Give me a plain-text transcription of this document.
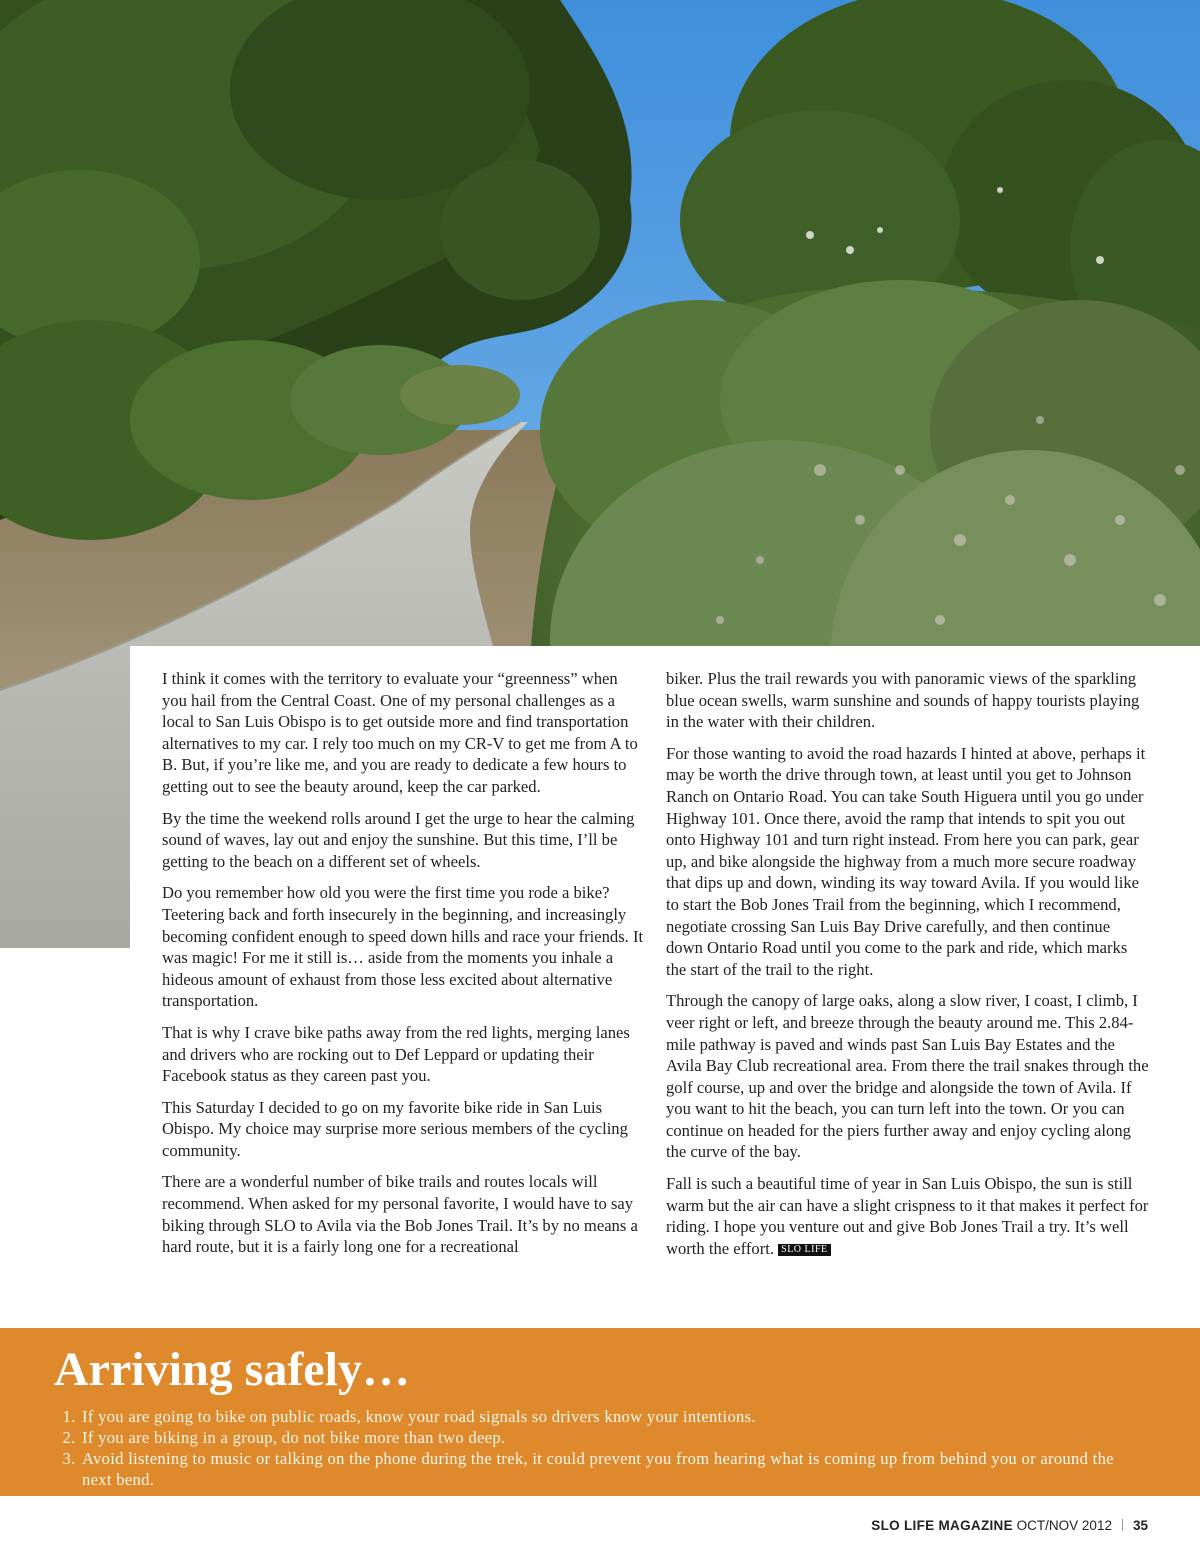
I think it comes with the territory to evaluate your “greenness” when you hail from the Central Coast. One of my personal challenges as a local to San Luis Obispo is to get outside more and find transportation alternatives to my car. I rely too much on my CR-V to get me from A to B. But, if you’re like me, and you are ready to dedicate a few hours to getting out to see the beauty around, keep the car parked.

By the time the weekend rolls around I get the urge to hear the calming sound of waves, lay out and enjoy the sunshine. But this time, I’ll be getting to the beach on a different set of wheels.

Do you remember how old you were the first time you rode a bike? Teetering back and forth insecurely in the beginning, and increasingly becoming confident enough to speed down hills and race your friends. It was magic! For me it still is… aside from the moments you inhale a hideous amount of exhaust from those less excited about alternative transportation.

That is why I crave bike paths away from the red lights, merging lanes and drivers who are rocking out to Def Leppard or updating their Facebook status as they careen past you.

This Saturday I decided to go on my favorite bike ride in San Luis Obispo. My choice may surprise more serious members of the cycling community.

There are a wonderful number of bike trails and routes locals will recommend. When asked for my personal favorite, I would have to say biking through SLO to Avila via the Bob Jones Trail. It’s by no means a hard route, but it is a fairly long one for a recreational

biker. Plus the trail rewards you with panoramic views of the sparkling blue ocean swells, warm sunshine and sounds of happy tourists playing in the water with their children.

For those wanting to avoid the road hazards I hinted at above, perhaps it may be worth the drive through town, at least until you get to Johnson Ranch on Ontario Road. You can take South Higuera until you go under Highway 101. Once there, avoid the ramp that intends to spit you out onto Highway 101 and turn right instead. From here you can park, gear up, and bike alongside the highway from a much more secure roadway that dips up and down, winding its way toward Avila. If you would like to start the Bob Jones Trail from the beginning, which I recommend, negotiate crossing San Luis Bay Drive carefully, and then continue down Ontario Road until you come to the park and ride, which marks the start of the trail to the right.

Through the canopy of large oaks, along a slow river, I coast, I climb, I veer right or left, and breeze through the beauty around me. This 2.84-mile pathway is paved and winds past San Luis Bay Estates and the Avila Bay Club recreational area. From there the trail snakes through the golf course, up and over the bridge and alongside the town of Avila. If you want to hit the beach, you can turn left into the town. Or you can continue on headed for the piers further away and enjoy cycling along the curve of the bay.

Fall is such a beautiful time of year in San Luis Obispo, the sun is still warm but the air can have a slight crispness to it that makes it perfect for riding. I hope you venture out and give Bob Jones Trail a try. It’s well worth the effort. SLO LIFE

Arriving safely…
1. If you are going to bike on public roads, know your road signals so drivers know your intentions.
2. If you are biking in a group, do not bike more than two deep.
3. Avoid listening to music or talking on the phone during the trek, it could prevent you from hearing what is coming up from behind you or around the next bend.
SLO LIFE MAGAZINE OCT/NOV 2012 35
